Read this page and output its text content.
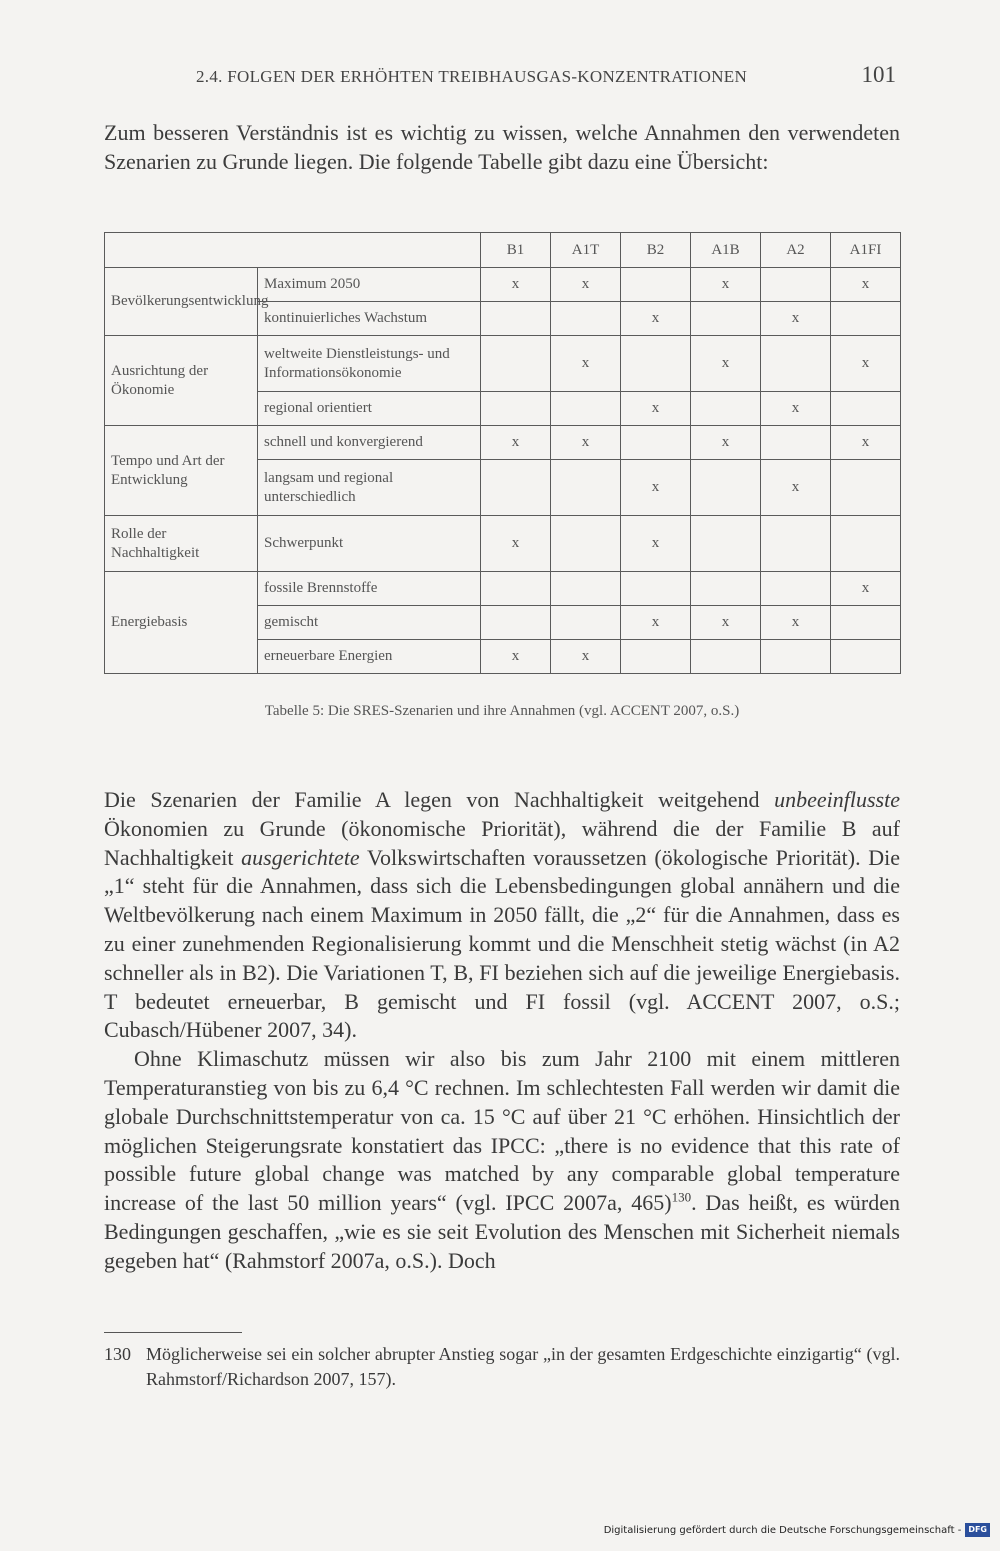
2.4. FOLGEN DER ERHÖHTEN TREIBHAUSGAS-KONZENTRATIONEN	101
Zum besseren Verständnis ist es wichtig zu wissen, welche Annahmen den verwendeten Szenarien zu Grunde liegen. Die folgende Tabelle gibt dazu eine Übersicht:
		B1	A1T	B2	A1B	A2	A1FI
Bevölkerungsentwicklung	Maximum 2050	x	x		x		x
	kontinuierliches Wachstum			x		x	
Ausrichtung der Ökonomie	weltweite Dienstleistungs- und Informationsökonomie		x		x		x
	regional orientiert			x		x	
Tempo und Art der Entwicklung	schnell und konvergierend	x	x		x		x
	langsam und regional unterschiedlich			x		x	
Rolle der Nachhaltigkeit	Schwerpunkt	x		x			
Energiebasis	fossile Brennstoffe						x
	gemischt			x	x	x	
	erneuerbare Energien	x	x				
Tabelle 5: Die SRES-Szenarien und ihre Annahmen (vgl. ACCENT 2007, o.S.)

Die Szenarien der Familie A legen von Nachhaltigkeit weitgehend unbeeinflusste Ökonomien zu Grunde (ökonomische Priorität), während die der Familie B auf Nachhaltigkeit ausgerichtete Volkswirtschaften voraussetzen (ökologische Priorität). Die „1“ steht für die Annahmen, dass sich die Lebensbedingungen global annähern und die Weltbevölkerung nach einem Maximum in 2050 fällt, die „2“ für die Annahmen, dass es zu einer zunehmenden Regionalisierung kommt und die Menschheit stetig wächst (in A2 schneller als in B2). Die Variationen T, B, FI beziehen sich auf die jeweilige Energiebasis. T bedeutet erneuerbar, B gemischt und FI fossil (vgl. ACCENT 2007, o.S.; Cubasch/Hübener 2007, 34).

Ohne Klimaschutz müssen wir also bis zum Jahr 2100 mit einem mittleren Temperaturanstieg von bis zu 6,4 °C rechnen. Im schlechtesten Fall werden wir damit die globale Durchschnittstemperatur von ca. 15 °C auf über 21 °C erhöhen. Hinsichtlich der möglichen Steigerungsrate konstatiert das IPCC: „there is no evidence that this rate of possible future global change was matched by any comparable global temperature increase of the last 50 million years“ (vgl. IPCC 2007a, 465)$^{130}$. Das heißt, es würden Bedingungen geschaffen, „wie es sie seit Evolution des Menschen mit Sicherheit niemals gegeben hat“ (Rahmstorf 2007a, o.S.). Doch

130 Möglicherweise sei ein solcher abrupter Anstieg sogar „in der gesamten Erdgeschichte einzigartig“ (vgl. Rahmstorf/Richardson 2007, 157).
Digitalisierung gefördert durch die Deutsche Forschungsgemeinschaft - DFG
